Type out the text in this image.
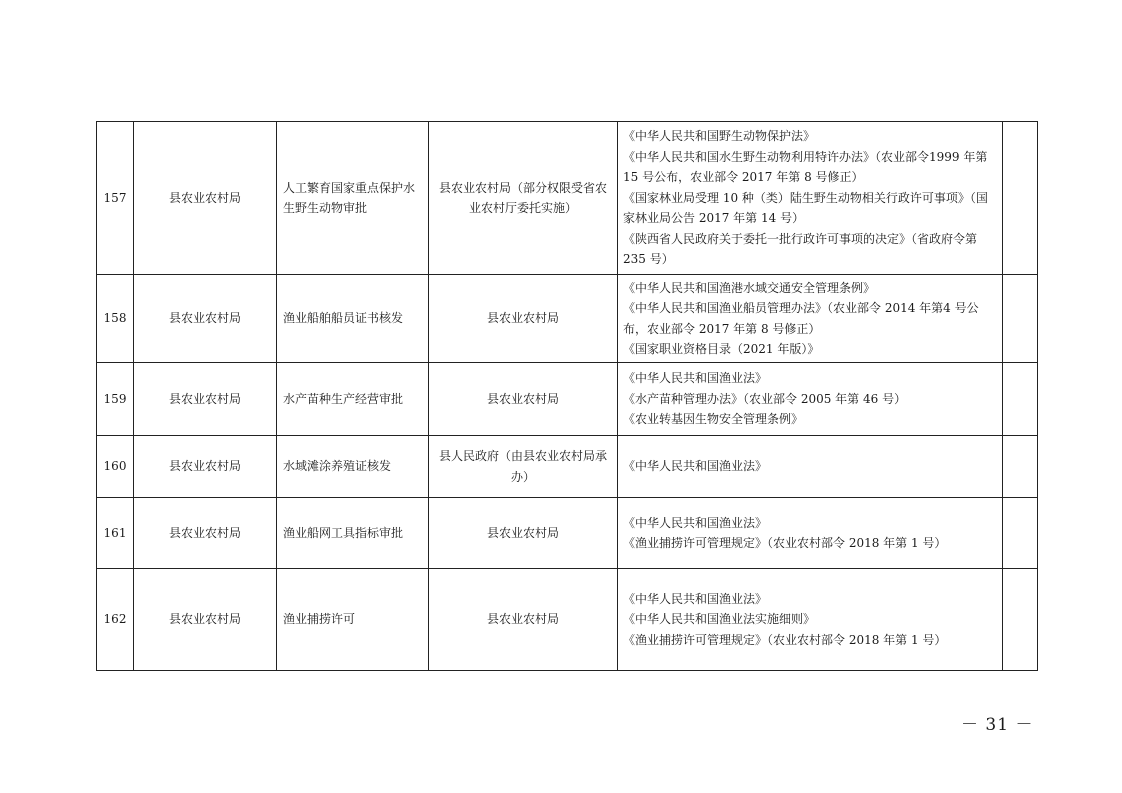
157	县农业农村局	人工繁育国家重点保护水生野生动物审批	县农业农村局（部分权限受省农业农村厅委托实施）	《中华人民共和国野生动物保护法》
《中华人民共和国水生野生动物利用特许办法》（农业部令1999 年第 15 号公布，农业部令 2017 年第 8 号修正）
《国家林业局受理 10 种（类）陆生野生动物相关行政许可事项》（国家林业局公告 2017 年第 14 号）
《陕西省人民政府关于委托一批行政许可事项的决定》（省政府令第 235 号）	

158	县农业农村局	渔业船舶船员证书核发	县农业农村局	《中华人民共和国渔港水域交通安全管理条例》
《中华人民共和国渔业船员管理办法》（农业部令 2014 年第4 号公布，农业部令 2017 年第 8 号修正）
《国家职业资格目录（2021 年版）》	

159	县农业农村局	水产苗种生产经营审批	县农业农村局	《中华人民共和国渔业法》
《水产苗种管理办法》（农业部令 2005 年第 46 号）
《农业转基因生物安全管理条例》	

160	县农业农村局	水域滩涂养殖证核发	县人民政府（由县农业农村局承办）	《中华人民共和国渔业法》	

161	县农业农村局	渔业船网工具指标审批	县农业农村局	《中华人民共和国渔业法》
《渔业捕捞许可管理规定》（农业农村部令 2018 年第 1 号）	

162	县农业农村局	渔业捕捞许可	县农业农村局	《中华人民共和国渔业法》
《中华人民共和国渔业法实施细则》
《渔业捕捞许可管理规定》（农业农村部令 2018 年第 1 号）	

－ 31 －
